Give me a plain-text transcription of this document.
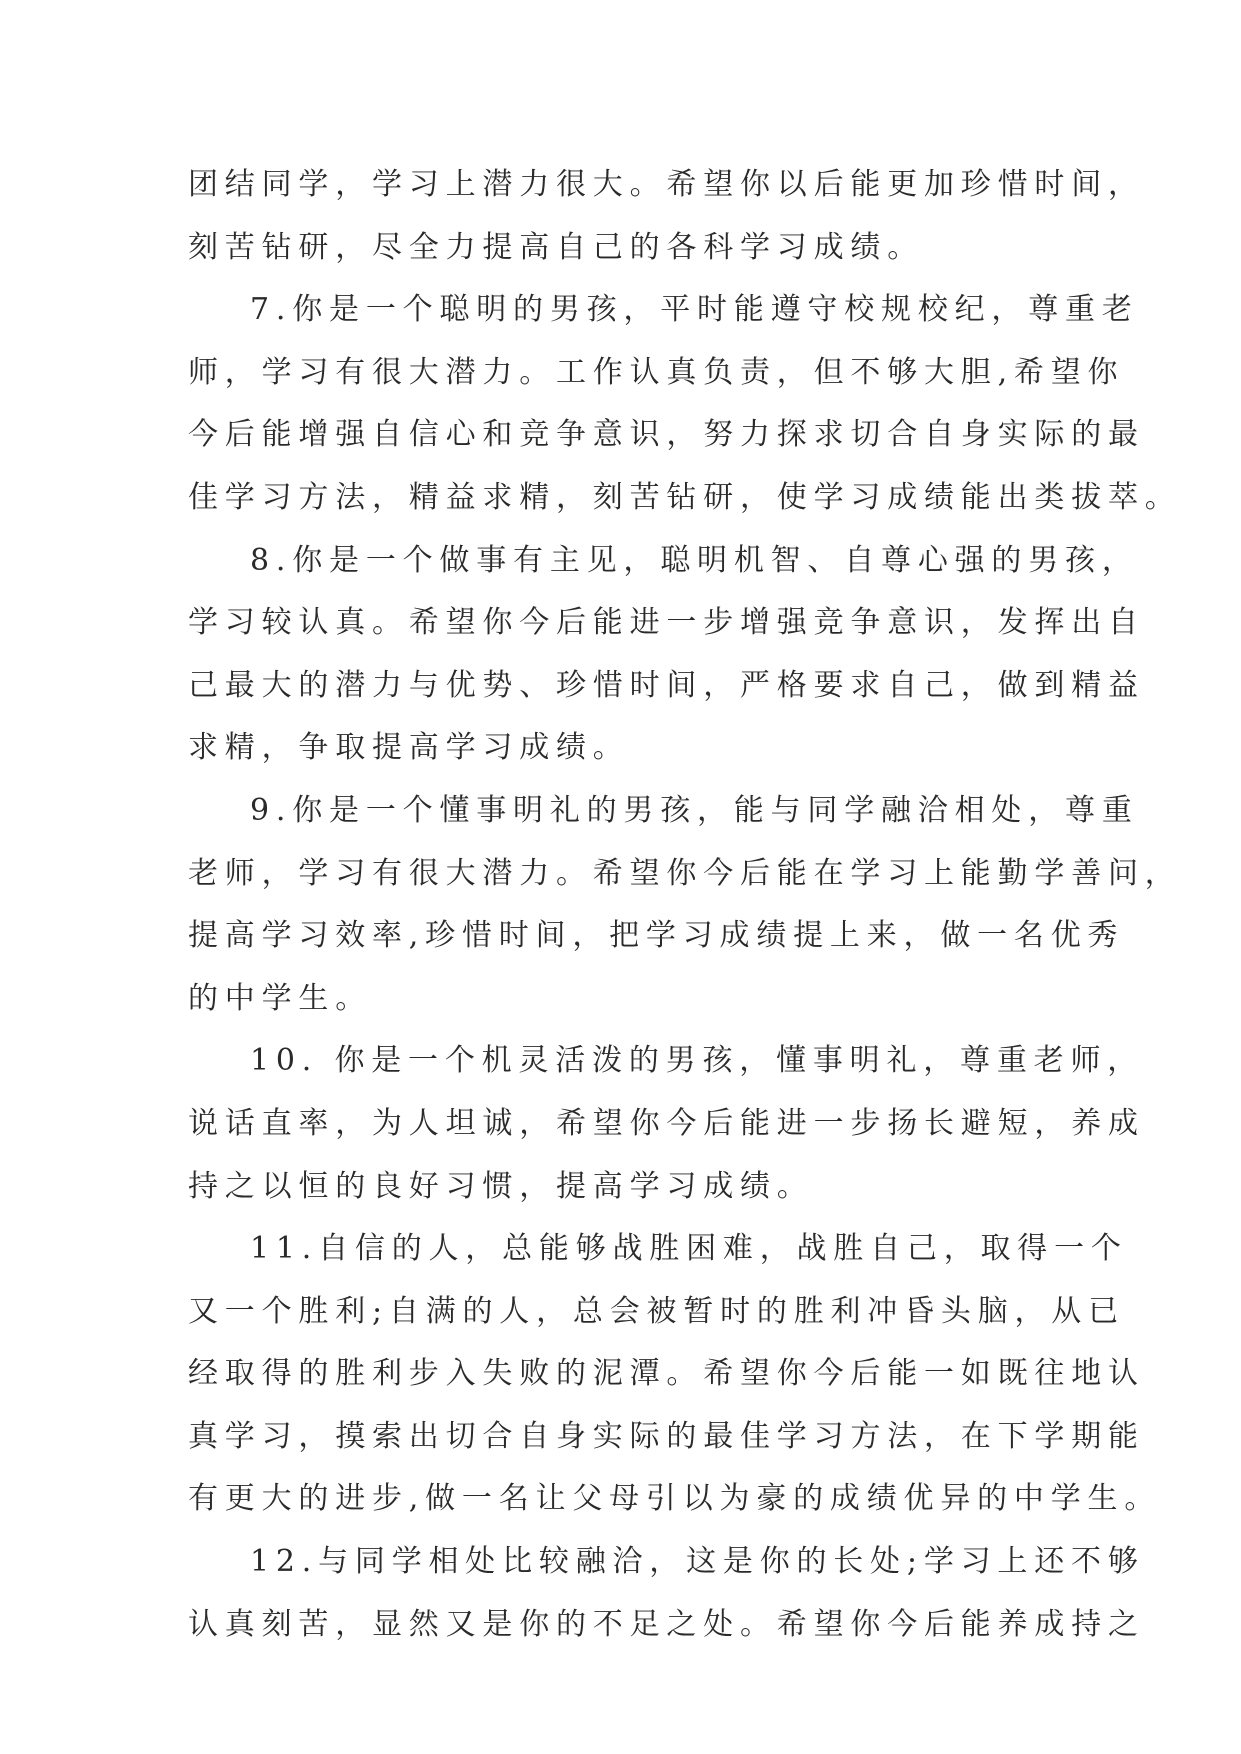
团结同学，学习上潜力很大。希望你以后能更加珍惜时间，
刻苦钻研，尽全力提高自己的各科学习成绩。
7.你是一个聪明的男孩，平时能遵守校规校纪，尊重老
师，学习有很大潜力。工作认真负责，但不够大胆,希望你
今后能增强自信心和竞争意识，努力探求切合自身实际的最
佳学习方法，精益求精，刻苦钻研，使学习成绩能出类拔萃。
8.你是一个做事有主见，聪明机智、自尊心强的男孩，
学习较认真。希望你今后能进一步增强竞争意识，发挥出自
己最大的潜力与优势、珍惜时间，严格要求自己，做到精益
求精，争取提高学习成绩。
9.你是一个懂事明礼的男孩，能与同学融洽相处，尊重
老师，学习有很大潜力。希望你今后能在学习上能勤学善问，
提高学习效率,珍惜时间，把学习成绩提上来，做一名优秀
的中学生。
10. 你是一个机灵活泼的男孩，懂事明礼，尊重老师，
说话直率，为人坦诚，希望你今后能进一步扬长避短，养成
持之以恒的良好习惯，提高学习成绩。
11.自信的人，总能够战胜困难，战胜自己，取得一个
又一个胜利;自满的人，总会被暂时的胜利冲昏头脑，从已
经取得的胜利步入失败的泥潭。希望你今后能一如既往地认
真学习，摸索出切合自身实际的最佳学习方法，在下学期能
有更大的进步,做一名让父母引以为豪的成绩优异的中学生。
12.与同学相处比较融洽，这是你的长处;学习上还不够
认真刻苦，显然又是你的不足之处。希望你今后能养成持之
